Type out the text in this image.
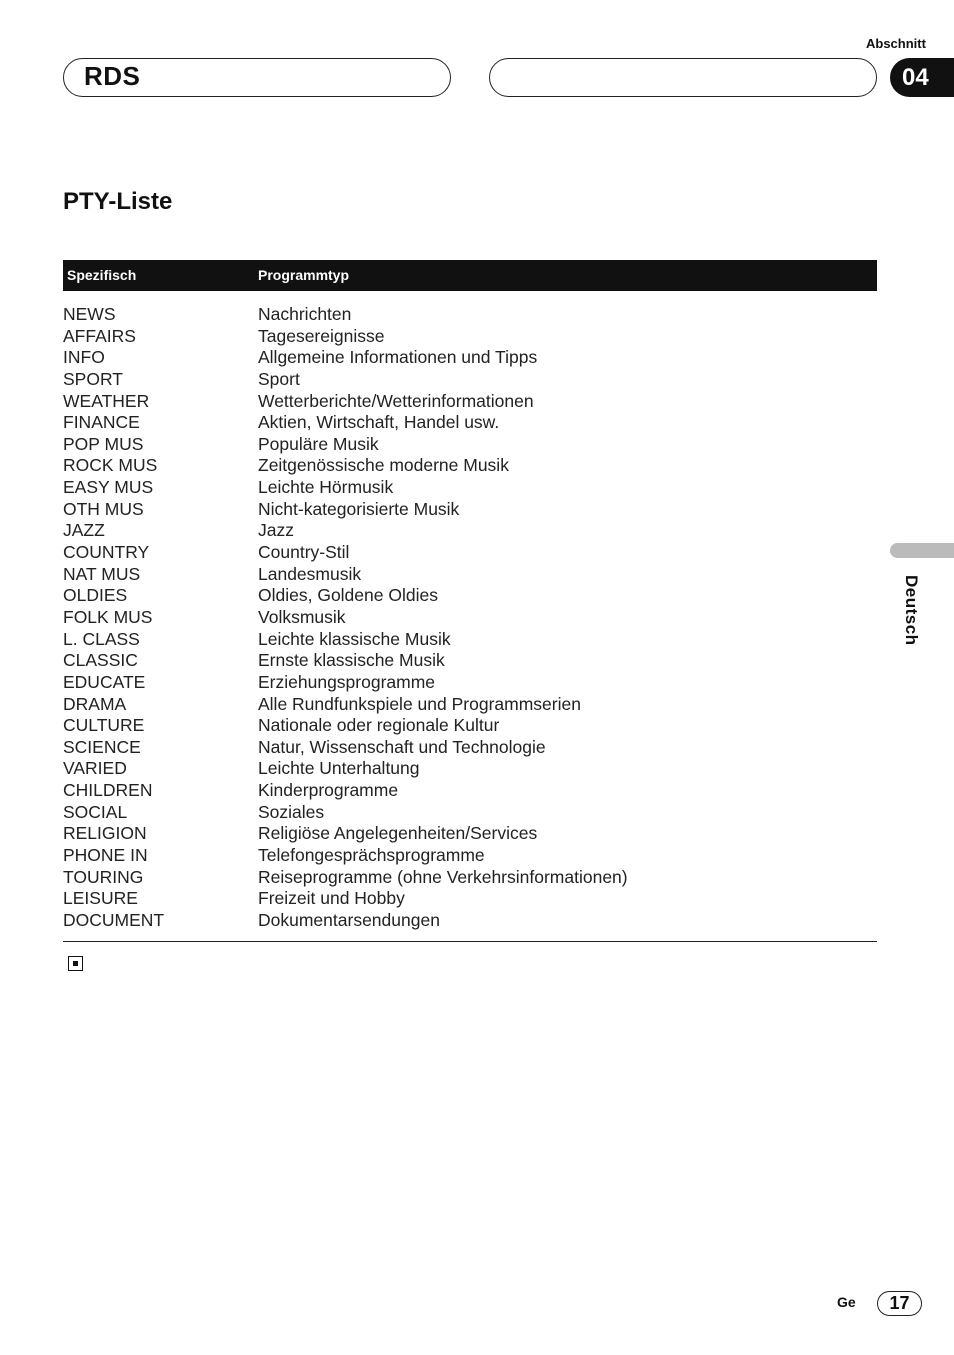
Abschnitt
RDS	04
PTY-Liste
Spezifisch	Programmtyp
NEWS	Nachrichten
AFFAIRS	Tagesereignisse
INFO	Allgemeine Informationen und Tipps
SPORT	Sport
WEATHER	Wetterberichte/Wetterinformationen
FINANCE	Aktien, Wirtschaft, Handel usw.
POP MUS	Populäre Musik
ROCK MUS	Zeitgenössische moderne Musik
EASY MUS	Leichte Hörmusik
OTH MUS	Nicht-kategorisierte Musik
JAZZ	Jazz
COUNTRY	Country-Stil
NAT MUS	Landesmusik
OLDIES	Oldies, Goldene Oldies
FOLK MUS	Volksmusik
L. CLASS	Leichte klassische Musik
CLASSIC	Ernste klassische Musik
EDUCATE	Erziehungsprogramme
DRAMA	Alle Rundfunkspiele und Programmserien
CULTURE	Nationale oder regionale Kultur
SCIENCE	Natur, Wissenschaft und Technologie
VARIED	Leichte Unterhaltung
CHILDREN	Kinderprogramme
SOCIAL	Soziales
RELIGION	Religiöse Angelegenheiten/Services
PHONE IN	Telefongesprächsprogramme
TOURING	Reiseprogramme (ohne Verkehrsinformationen)
LEISURE	Freizeit und Hobby
DOCUMENT	Dokumentarsendungen
Deutsch
Ge	17
